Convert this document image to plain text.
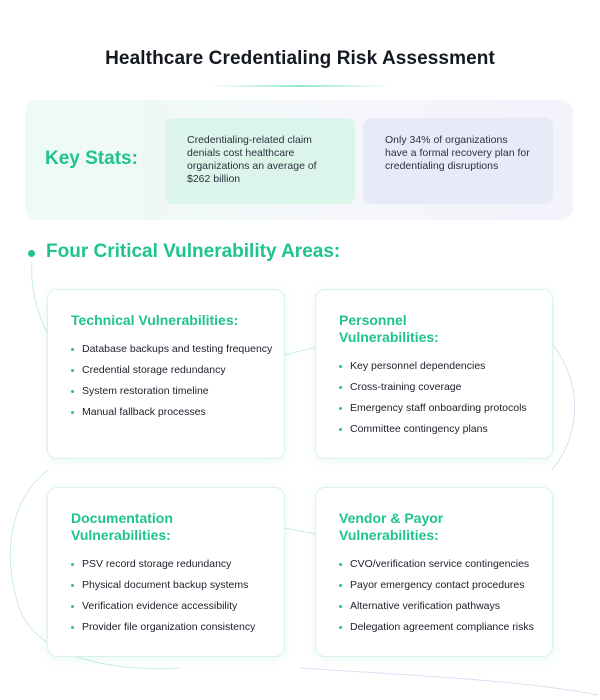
Healthcare Credentialing Risk Assessment
Key Stats:
Credentialing-related claim denials cost healthcare organizations an average of $262 billion
Only 34% of organizations have a formal recovery plan for credentialing disruptions
Four Critical Vulnerability Areas:
Technical Vulnerabilities:
Database backups and testing frequency
Credential storage redundancy
System restoration timeline
Manual fallback processes
Personnel Vulnerabilities:
Key personnel dependencies
Cross-training coverage
Emergency staff onboarding protocols
Committee contingency plans
Documentation Vulnerabilities:
PSV record storage redundancy
Physical document backup systems
Verification evidence accessibility
Provider file organization consistency
Vendor & Payor Vulnerabilities:
CVO/verification service contingencies
Payor emergency contact procedures
Alternative verification pathways
Delegation agreement compliance risks
